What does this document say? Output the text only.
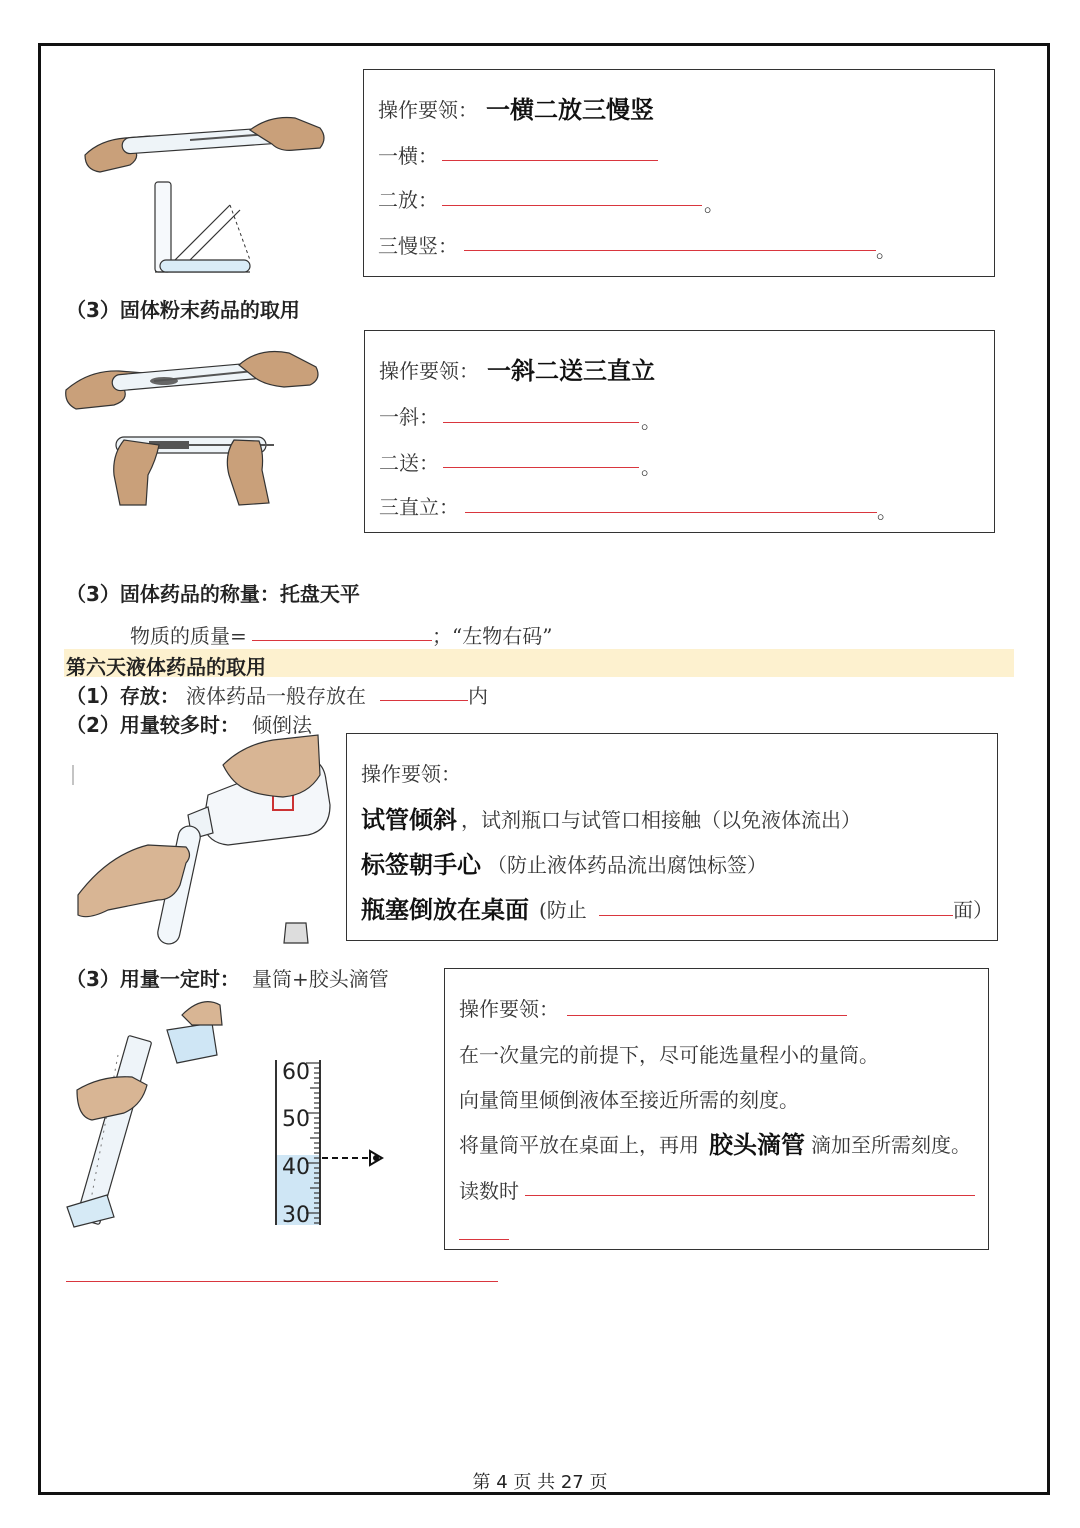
操作要领： 一横二放三慢竖
一横：
二放：	。
三慢竖：	。
（3）固体粉末药品的取用
操作要领： 一斜二送三直立
一斜：	。
二送：	。
三直立：	。
（3）固体药品的称量：托盘天平
物质的质量=	；“左物右码”
第六天液体药品的取用
（1）存放： 液体药品一般存放在	内
（2）用量较多时： 倾倒法
操作要领：
试管倾斜 ，试剂瓶口与试管口相接触（以免液体流出）
标签朝手心 （防止液体药品流出腐蚀标签）
瓶塞倒放在桌面 (防止	面）
（3）用量一定时： 量筒+胶头滴管
60
50
40
30
操作要领：
在一次量完的前提下，尽可能选量程小的量筒。
向量筒里倾倒液体至接近所需的刻度。
将量筒平放在桌面上，再用 胶头滴管 滴加至所需刻度。
读数时
第 4 页 共 27 页
